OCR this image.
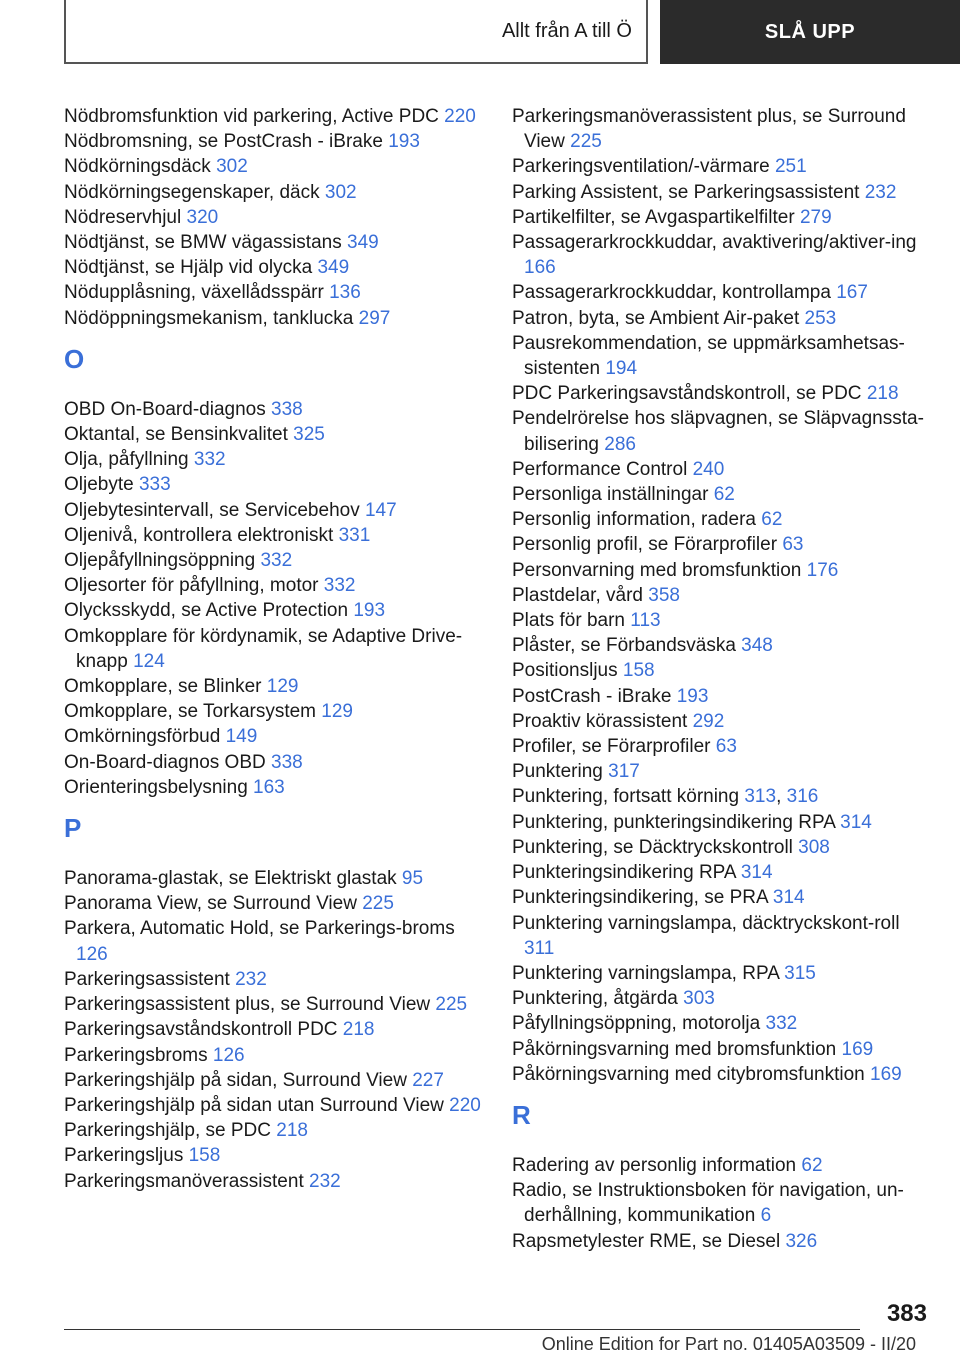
Allt från A till Ö	SLÅ UPP
Nödbromsfunktion vid parkering, Active PDC 220
Nödbromsning, se PostCrash - iBrake 193
Nödkörningsdäck 302
Nödkörningsegenskaper, däck 302
Nödreservhjul 320
Nödtjänst, se BMW vägassistans 349
Nödtjänst, se Hjälp vid olycka 349
Nödupplåsning, växellådsspärr 136
Nödöppningsmekanism, tanklucka 297
O
OBD On-Board-diagnos 338
Oktantal, se Bensinkvalitet 325
Olja, påfyllning 332
Oljebyte 333
Oljebytesintervall, se Servicebehov 147
Oljenivå, kontrollera elektroniskt 331
Oljepåfyllningsöppning 332
Oljesorter för påfyllning, motor 332
Olycksskydd, se Active Protection 193
Omkopplare för kördynamik, se Adaptive Drive-knapp 124
Omkopplare, se Blinker 129
Omkopplare, se Torkarsystem 129
Omkörningsförbud 149
On-Board-diagnos OBD 338
Orienteringsbelysning 163
P
Panorama-glastak, se Elektriskt glastak 95
Panorama View, se Surround View 225
Parkera, Automatic Hold, se Parkerings-broms 126
Parkeringsassistent 232
Parkeringsassistent plus, se Surround View 225
Parkeringsavståndskontroll PDC 218
Parkeringsbroms 126
Parkeringshjälp på sidan, Surround View 227
Parkeringshjälp på sidan utan Surround View 220
Parkeringshjälp, se PDC 218
Parkeringsljus 158
Parkeringsmanöverassistent 232
Parkeringsmanöverassistent plus, se Surround View 225
Parkeringsventilation/-värmare 251
Parking Assistent, se Parkeringsassistent 232
Partikelfilter, se Avgaspartikelfilter 279
Passagerarkrockkuddar, avaktivering/aktiver-ing 166
Passagerarkrockkuddar, kontrollampa 167
Patron, byta, se Ambient Air-paket 253
Pausrekommendation, se uppmärksamhetsas-sistenten 194
PDC Parkeringsavståndskontroll, se PDC 218
Pendelrörelse hos släpvagnen, se Släpvagnssta-bilisering 286
Performance Control 240
Personliga inställningar 62
Personlig information, radera 62
Personlig profil, se Förarprofiler 63
Personvarning med bromsfunktion 176
Plastdelar, vård 358
Plats för barn 113
Plåster, se Förbandsväska 348
Positionsljus 158
PostCrash - iBrake 193
Proaktiv körassistent 292
Profiler, se Förarprofiler 63
Punktering 317
Punktering, fortsatt körning 313, 316
Punktering, punkteringsindikering RPA 314
Punktering, se Däcktryckskontroll 308
Punkteringsindikering RPA 314
Punkteringsindikering, se PRA 314
Punktering varningslampa, däcktryckskont-roll 311
Punktering varningslampa, RPA 315
Punktering, åtgärda 303
Påfyllningsöppning, motorolja 332
Påkörningsvarning med bromsfunktion 169
Påkörningsvarning med citybromsfunktion 169
R
Radering av personlig information 62
Radio, se Instruktionsboken för navigation, un-derhållning, kommunikation 6
Rapsmetylester RME, se Diesel 326
383
Online Edition for Part no. 01405A03509 - II/20
